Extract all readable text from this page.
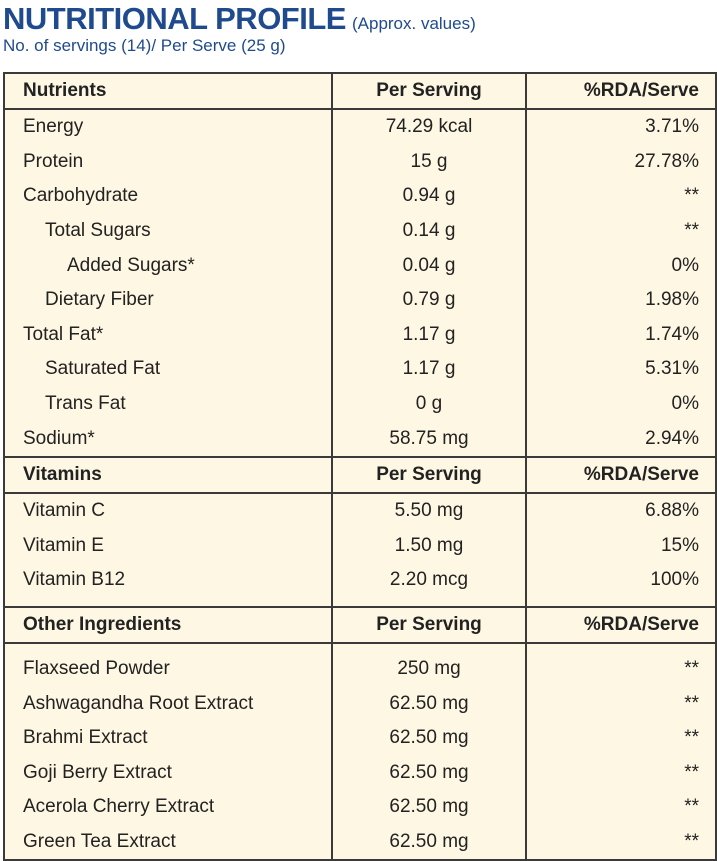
NUTRITIONAL PROFILE (Approx. values)
No. of servings (14)/ Per Serve (25 g)
Nutrients	Per Serving	%RDA/Serve
Energy	74.29 kcal	3.71%
Protein	15 g	27.78%
Carbohydrate	0.94 g	**
Total Sugars	0.14 g	**
Added Sugars*	0.04 g	0%
Dietary Fiber	0.79 g	1.98%
Total Fat*	1.17 g	1.74%
Saturated Fat	1.17 g	5.31%
Trans Fat	0 g	0%
Sodium*	58.75 mg	2.94%
Vitamins	Per Serving	%RDA/Serve
Vitamin C	5.50 mg	6.88%
Vitamin E	1.50 mg	15%
Vitamin B12	2.20 mcg	100%

Other Ingredients	Per Serving	%RDA/Serve

Flaxseed Powder	250 mg	**
Ashwagandha Root Extract	62.50 mg	**
Brahmi Extract	62.50 mg	**
Goji Berry Extract	62.50 mg	**
Acerola Cherry Extract	62.50 mg	**
Green Tea Extract	62.50 mg	**
